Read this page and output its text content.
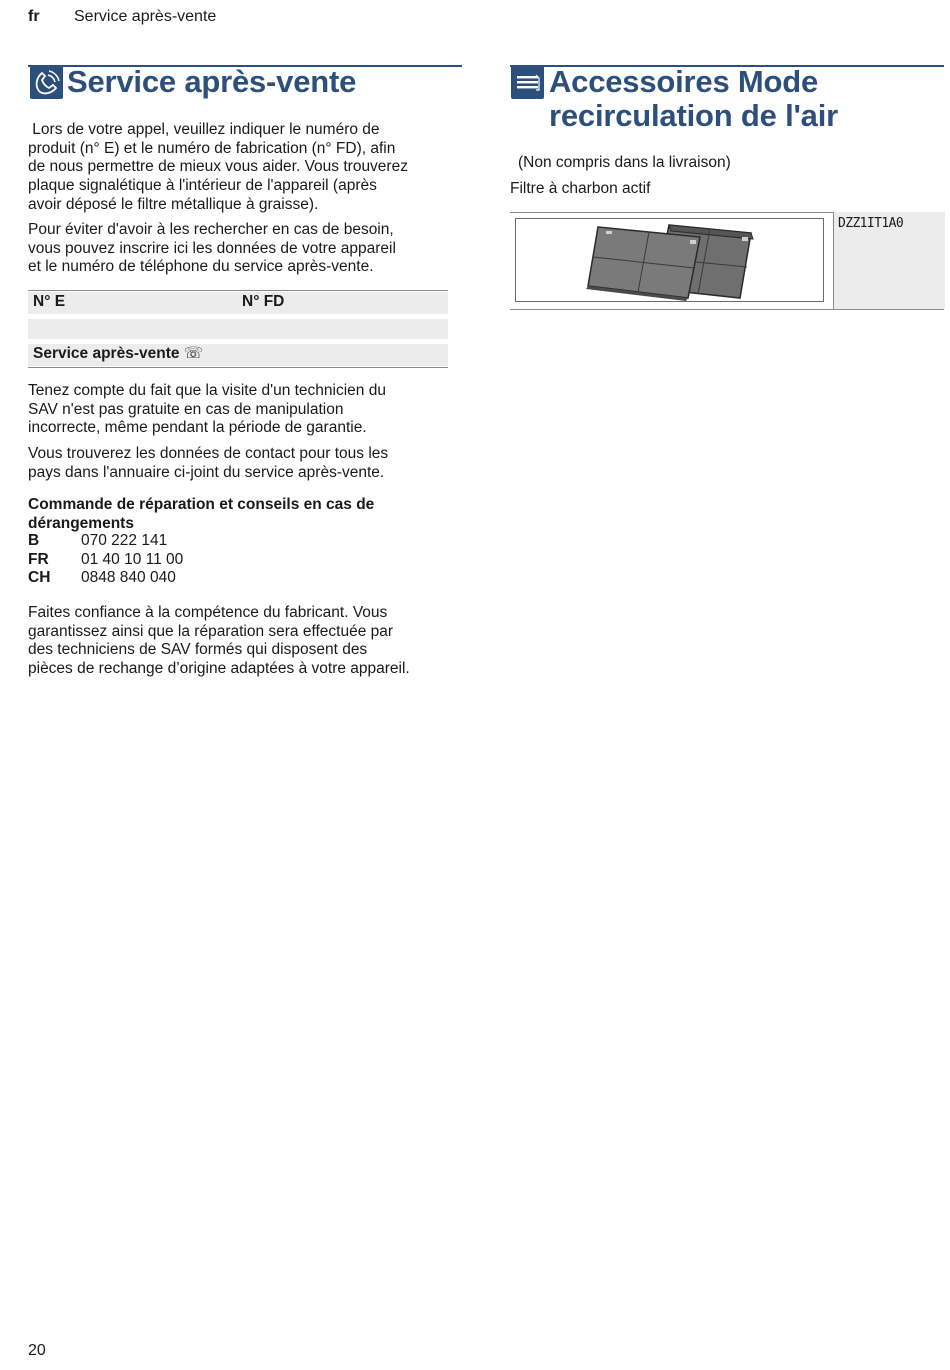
fr Service après-vente
Service après-vente
Lors de votre appel, veuillez indiquer le numéro de
produit (n° E) et le numéro de fabrication (n° FD), afin
de nous permettre de mieux vous aider. Vous trouverez
plaque signalétique à l'intérieur de l'appareil (après
avoir déposé le filtre métallique à graisse).
Pour éviter d'avoir à les rechercher en cas de besoin,
vous pouvez inscrire ici les données de votre appareil
et le numéro de téléphone du service après-vente.
N° E	N° FD
Service après-vente ☏
Tenez compte du fait que la visite d'un technicien du
SAV n'est pas gratuite en cas de manipulation
incorrecte, même pendant la période de garantie.
Vous trouverez les données de contact pour tous les
pays dans l'annuaire ci-joint du service après-vente.
Commande de réparation et conseils en cas de
dérangements
B	070 222 141
FR 01 40 10 11 00
CH 0848 840 040
Faites confiance à la compétence du fabricant. Vous
garantissez ainsi que la réparation sera effectuée par
des techniciens de SAV formés qui disposent des
pièces de rechange d’origine adaptées à votre appareil.
Accessoires Mode
recirculation de l'air
(Non compris dans la livraison)
Filtre à charbon actif
DZZ1IT1A0
20
